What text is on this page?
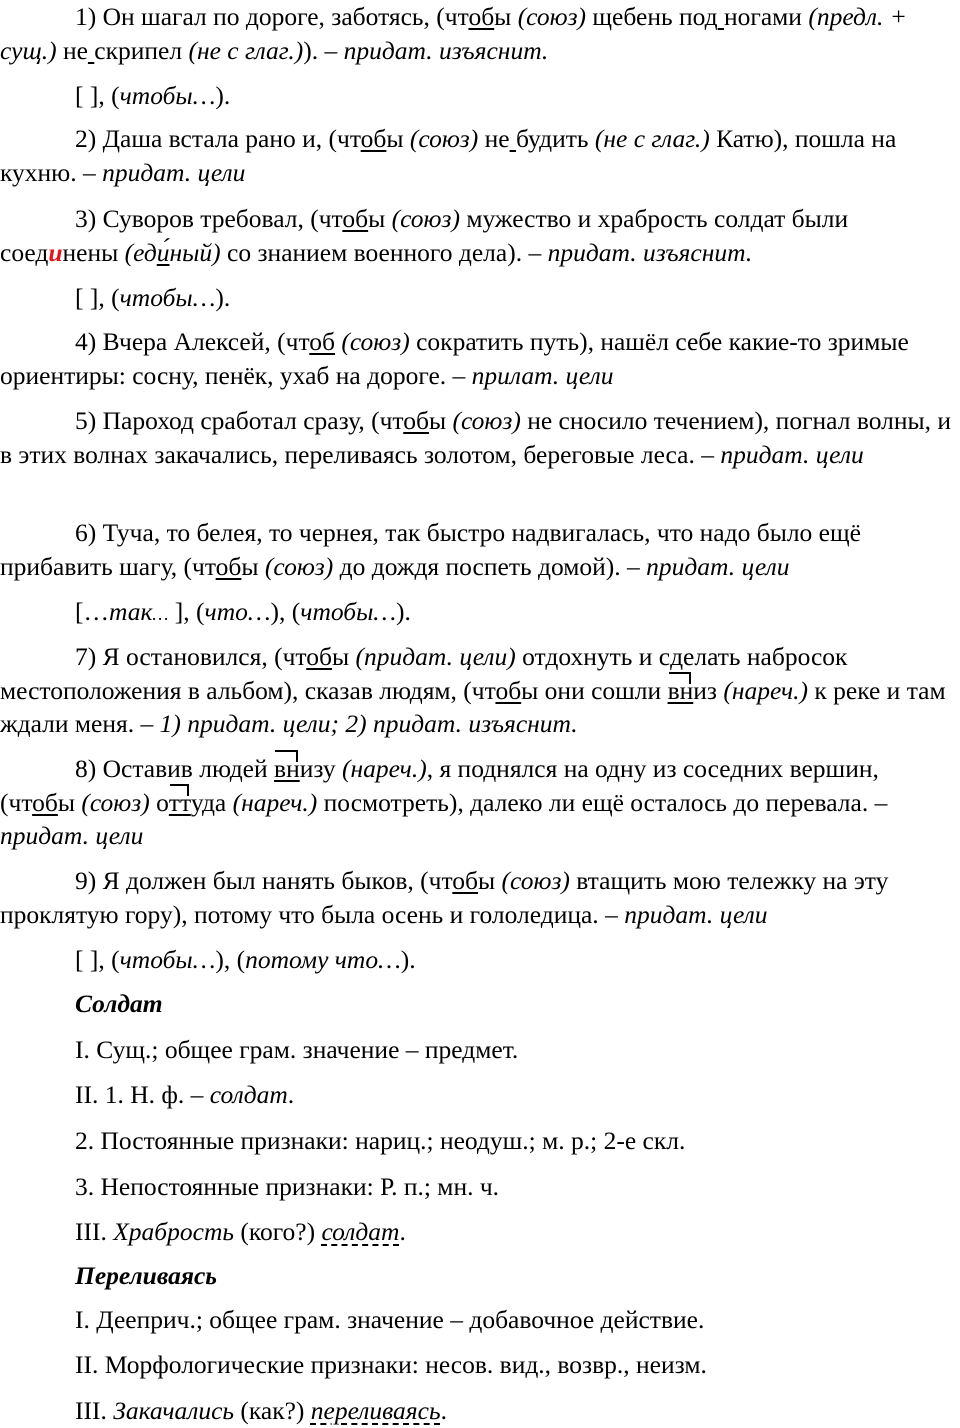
1) Он шагал по дороге, заботясь, (чтобы (союз) щебень под ногами (предл. + сущ.) не скрипел (не с глаг.)). – придат. изъяснит.
[ ], (чтобы…).
2) Даша встала рано и, (чтобы (союз) не будить (не с глаг.) Катю), пошла на кухню. – придат. цели
3) Суворов требовал, (чтобы (союз) мужество и храбрость солдат были соединены (еди́ный) со знанием военного дела). – придат. изъяснит.
[ ], (чтобы…).
4) Вчера Алексей, (чтоб (союз) сократить путь), нашёл себе какие-то зримые ориентиры: сосну, пенёк, ухаб на дороге. – прилат. цели
5) Пароход сработал сразу, (чтобы (союз) не сносило течением), погнал волны, и в этих волнах закачались, переливаясь золотом, береговые леса. – придат. цели
6) Туча, то белея, то чернея, так быстро надвигалась, что надо было ещё прибавить шагу, (чтобы (союз) до дождя поспеть домой). – придат. цели
[…так… ], (что…), (чтобы…).
7) Я остановился, (чтобы (придат. цели) отдохнуть и сделать набросок местоположения в альбом), сказав людям, (чтобы они сошли вниз (нареч.) к реке и там ждали меня. – 1) придат. цели; 2) придат. изъяснит.
8) Оставив людей внизу (нареч.), я поднялся на одну из соседних вершин, (чтобы (союз) оттуда (нареч.) посмотреть), далеко ли ещё осталось до перевала. – придат. цели
9) Я должен был нанять быков, (чтобы (союз) втащить мою тележку на эту проклятую гору), потому что была осень и гололедица. – придат. цели
[ ], (чтобы…), (потому что…).
Солдат
I. Сущ.; общее грам. значение – предмет.
II. 1. Н. ф. – солдат.
2. Постоянные признаки: нариц.; неодуш.; м. р.; 2-е скл.
3. Непостоянные признаки: Р. п.; мн. ч.
III. Храбрость (кого?) солдат.
Переливаясь
I. Дееприч.; общее грам. значение – добавочное действие.
II. Морфологические признаки: несов. вид., возвр., неизм.
III. Закачались (как?) переливаясь.
